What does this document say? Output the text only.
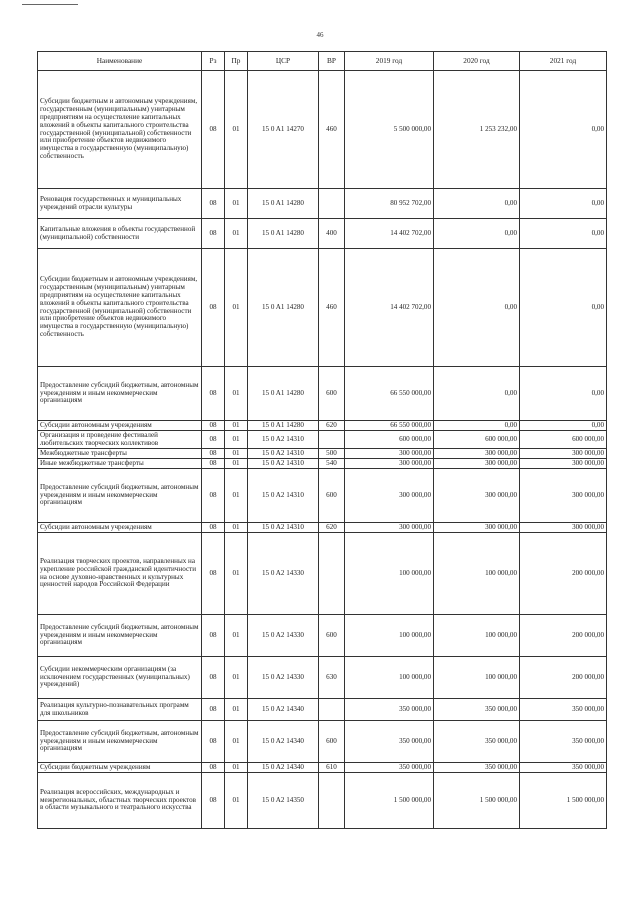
46
Наименование	Рз	Пр	ЦСР	ВР	2019 год	2020 год	2021 год
Субсидии бюджетным и автономным учреждениям, государственным (муниципальным) унитарным предприятиям на осуществление капитальных вложений в объекты капитального строительства государственной (муниципальной) собственности или приобретение объектов недвижимого имущества в государственную (муниципальную) собственность	08	01	15 0 A1 14270	460	5 500 000,00	1 253 232,00	0,00
Реновация государственных и муниципальных учреждений отрасли культуры	08	01	15 0 A1 14280		80 952 702,00	0,00	0,00
Капитальные вложения в объекты государственной (муниципальной) собственности	08	01	15 0 A1 14280	400	14 402 702,00	0,00	0,00
Субсидии бюджетным и автономным учреждениям, государственным (муниципальным) унитарным предприятиям на осуществление капитальных вложений в объекты капитального строительства государственной (муниципальной) собственности или приобретение объектов недвижимого имущества в государственную (муниципальную) собственность	08	01	15 0 A1 14280	460	14 402 702,00	0,00	0,00
Предоставление субсидий бюджетным, автономным учреждениям и иным некоммерческим организациям	08	01	15 0 A1 14280	600	66 550 000,00	0,00	0,00
Субсидии автономным учреждениям	08	01	15 0 A1 14280	620	66 550 000,00	0,00	0,00
Организация и проведение фестивалей любительских творческих коллективов	08	01	15 0 A2 14310		600 000,00	600 000,00	600 000,00
Межбюджетные трансферты	08	01	15 0 A2 14310	500	300 000,00	300 000,00	300 000,00
Иные межбюджетные трансферты	08	01	15 0 A2 14310	540	300 000,00	300 000,00	300 000,00
Предоставление субсидий бюджетным, автономным учреждениям и иным некоммерческим организациям	08	01	15 0 A2 14310	600	300 000,00	300 000,00	300 000,00
Субсидии автономным учреждениям	08	01	15 0 A2 14310	620	300 000,00	300 000,00	300 000,00
Реализация творческих проектов, направленных на укрепление российской гражданской идентичности на основе духовно-нравственных и культурных ценностей народов Российской Федерации	08	01	15 0 A2 14330		100 000,00	100 000,00	200 000,00
Предоставление субсидий бюджетным, автономным учреждениям и иным некоммерческим организациям	08	01	15 0 A2 14330	600	100 000,00	100 000,00	200 000,00
Субсидии некоммерческим организациям (за исключением государственных (муниципальных) учреждений)	08	01	15 0 A2 14330	630	100 000,00	100 000,00	200 000,00
Реализация культурно-познавательных программ для школьников	08	01	15 0 A2 14340		350 000,00	350 000,00	350 000,00
Предоставление субсидий бюджетным, автономным учреждениям и иным некоммерческим организациям	08	01	15 0 A2 14340	600	350 000,00	350 000,00	350 000,00
Субсидии бюджетным учреждениям	08	01	15 0 A2 14340	610	350 000,00	350 000,00	350 000,00
Реализация всероссийских, международных и межрегиональных, областных творческих проектов в области музыкального и театрального искусства	08	01	15 0 A2 14350		1 500 000,00	1 500 000,00	1 500 000,00
